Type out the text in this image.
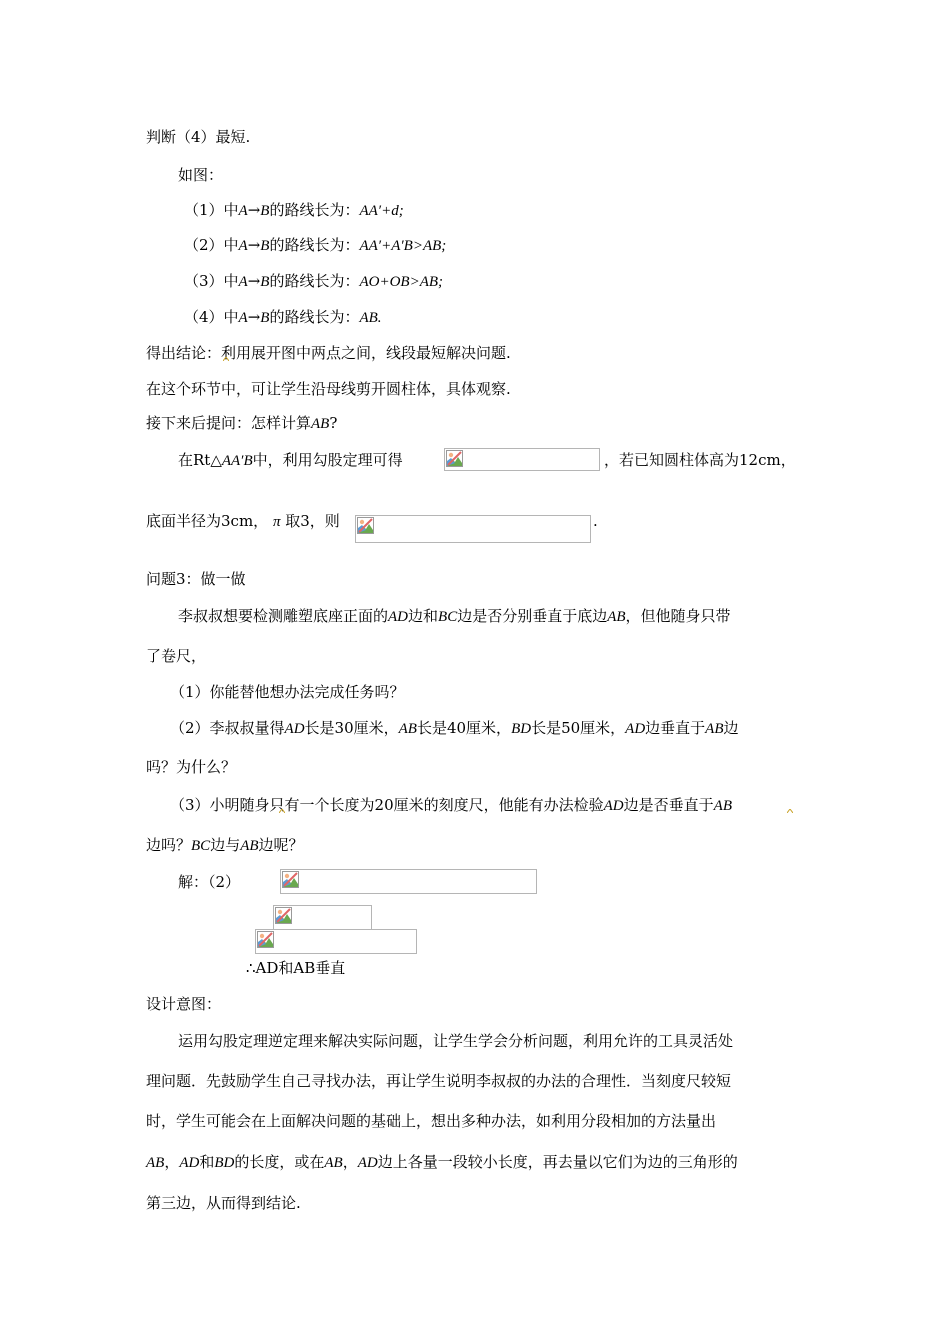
判断（4）最短.
如图：
（1）中A→B的路线长为：AA′+d;
（2）中A→B的路线长为：AA′+A′B>AB;
（3）中A→B的路线长为：AO+OB>AB;
（4）中A→B的路线长为：AB.
得出结论：利用展开图中两点之间，线段最短解决问题.
在这个环节中，可让学生沿母线剪开圆柱体，具体观察.
接下来后提问：怎样计算AB?
在Rt△AA′B中，利用勾股定理可得	，若已知圆柱体高为12cm，
底面半径为3cm， π 取3，则	.
问题3：做一做
李叔叔想要检测雕塑底座正面的AD边和BC边是否分别垂直于底边AB，但他随身只带
了卷尺，
（1）你能替他想办法完成任务吗？
（2）李叔叔量得AD长是30厘米，AB长是40厘米，BD长是50厘米，AD边垂直于AB边
吗？为什么？
（3）小明随身只有一个长度为20厘米的刻度尺，他能有办法检验AD边是否垂直于AB
边吗？BC边与AB边呢？
解：（2）
∴AD和AB垂直
设计意图：
运用勾股定理逆定理来解决实际问题，让学生学会分析问题，利用允许的工具灵活处
理问题．先鼓励学生自己寻找办法，再让学生说明李叔叔的办法的合理性．当刻度尺较短
时，学生可能会在上面解决问题的基础上，想出多种办法，如利用分段相加的方法量出
AB，AD和BD的长度，或在AB，AD边上各量一段较小长度，再去量以它们为边的三角形的
第三边，从而得到结论.
